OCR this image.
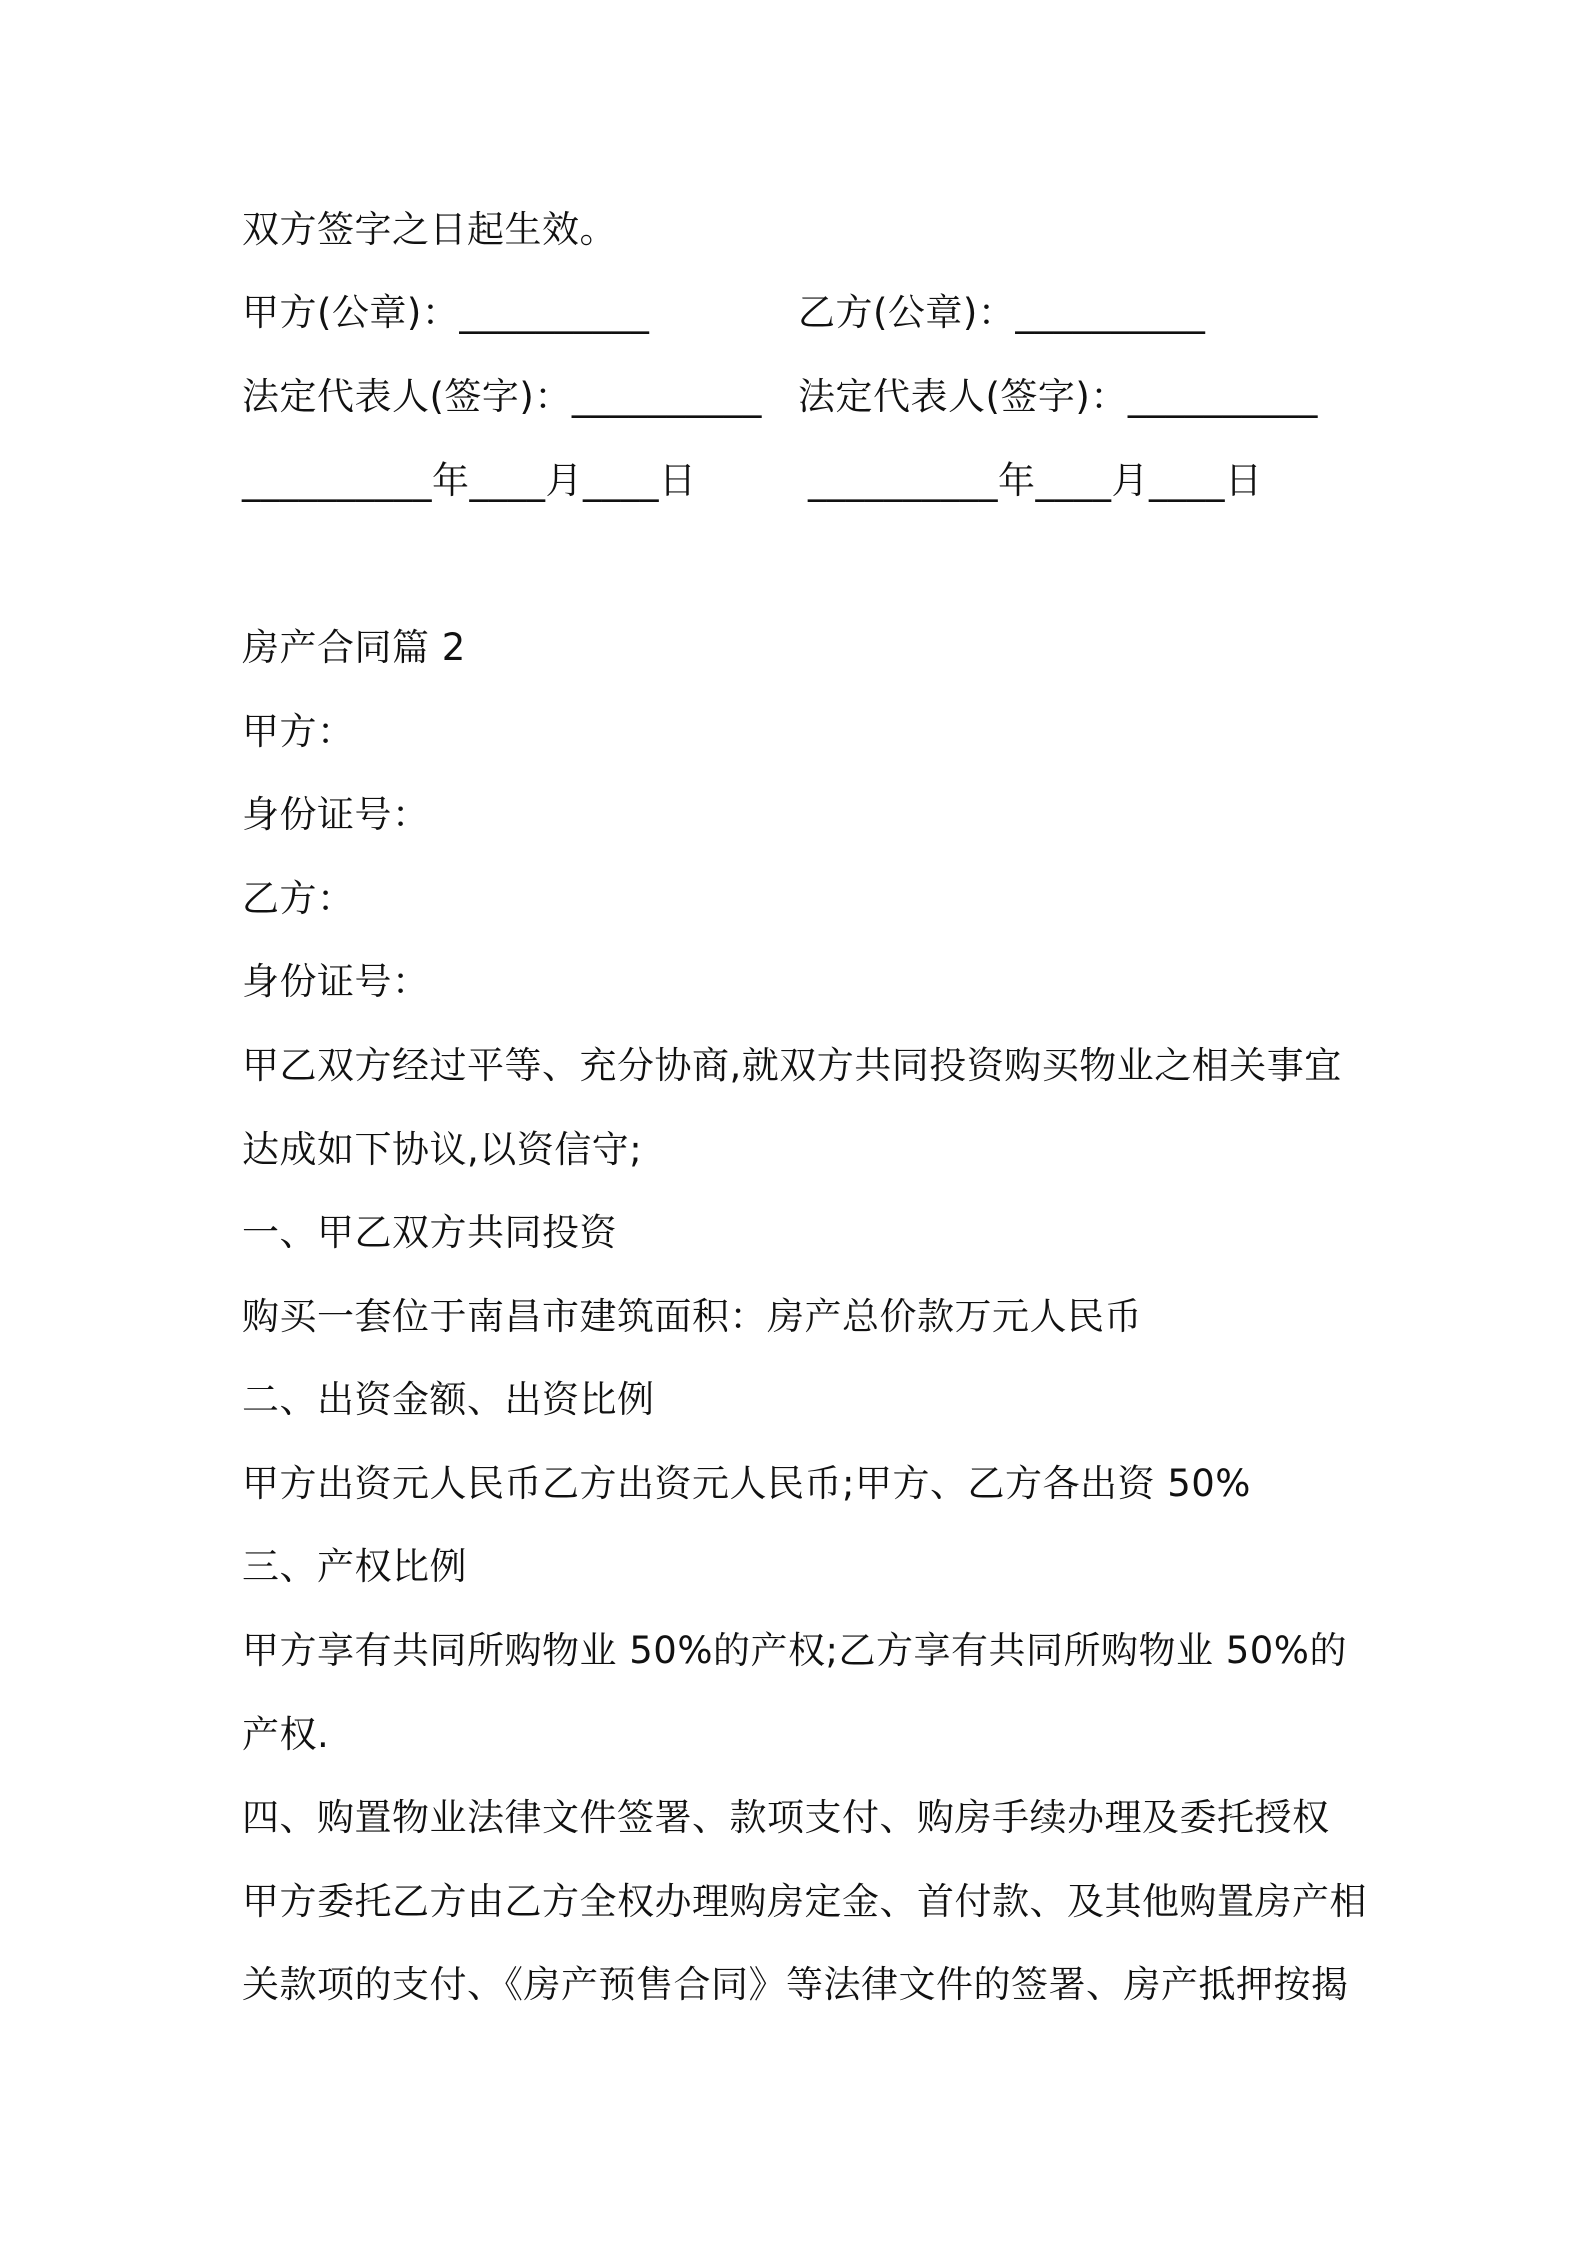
双方签字之日起生效。
甲方(公章)：__________	乙方(公章)：__________
法定代表人(签字)：__________ 法定代表人(签字)：__________
__________年____月____日	__________年____月____日
房产合同篇 2
甲方：
身份证号：
乙方：
身份证号：
甲乙双方经过平等、充分协商,就双方共同投资购买物业之相关事宜
达成如下协议,以资信守;
一、甲乙双方共同投资
购买一套位于南昌市建筑面积：房产总价款万元人民币
二、出资金额、出资比例
甲方出资元人民币乙方出资元人民币;甲方、乙方各出资 50%
三、产权比例
甲方享有共同所购物业 50%的产权;乙方享有共同所购物业 50%的
产权.
四、购置物业法律文件签署、款项支付、购房手续办理及委托授权
甲方委托乙方由乙方全权办理购房定金、首付款、及其他购置房产相
关款项的支付、《房产预售合同》等法律文件的签署、房产抵押按揭
